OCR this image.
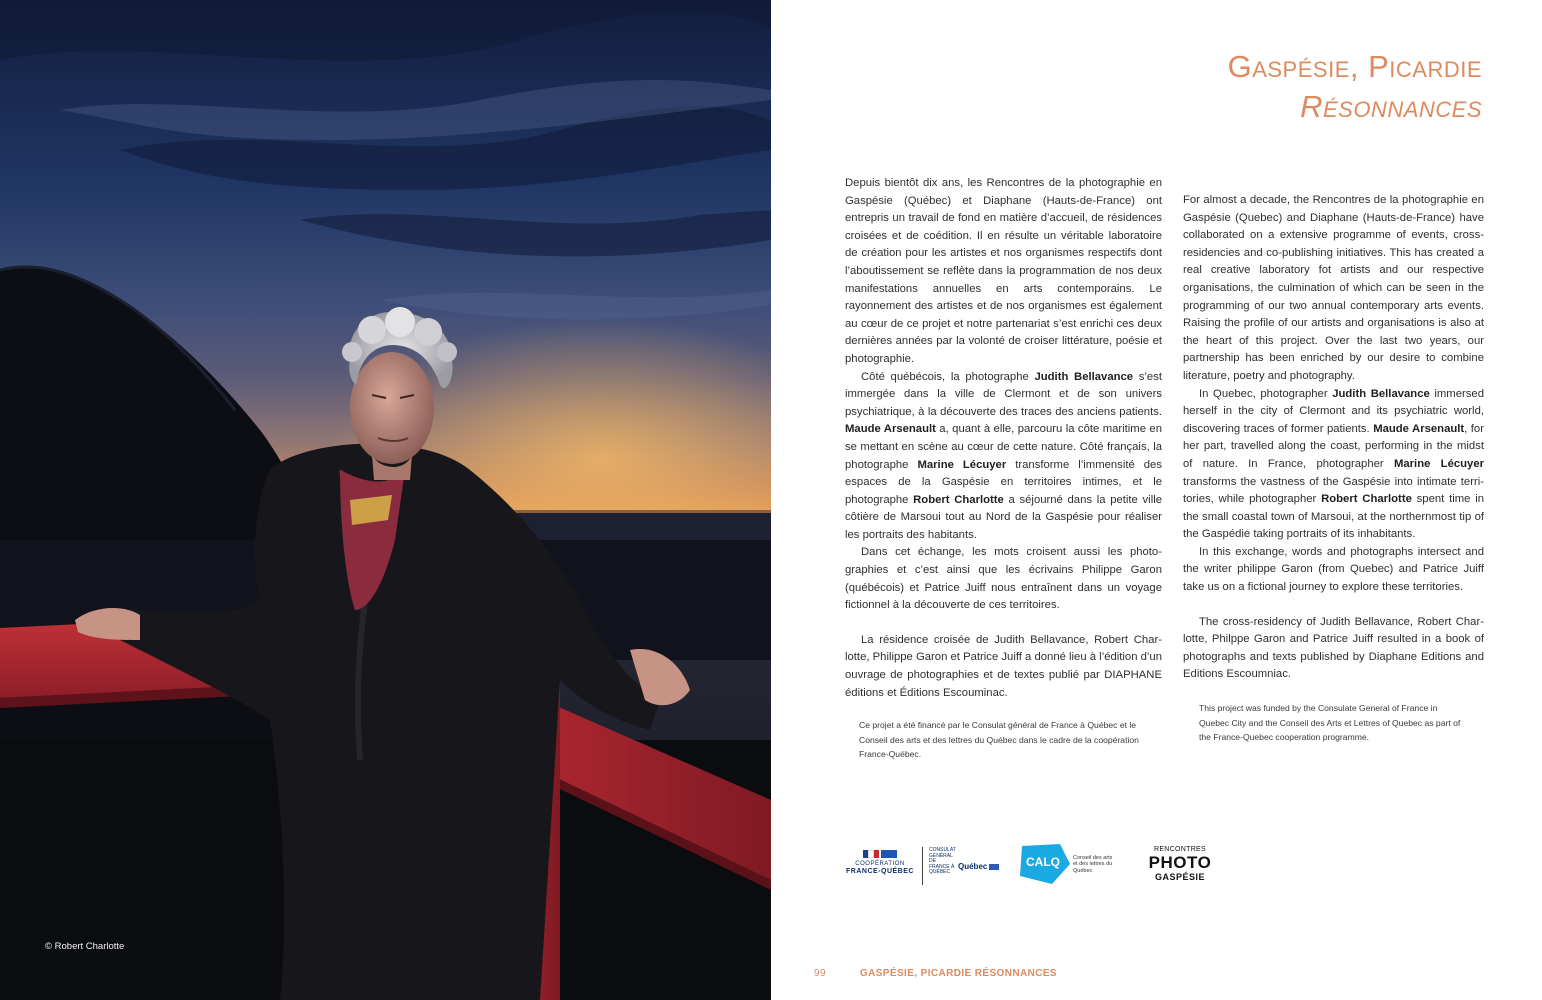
© Robert Charlotte
Gaspésie, Picardie
Résonnances

Depuis bientôt dix ans, les Rencontres de la photographie en Gaspésie (Québec) et Diaphane (Hauts-de-France) ont entrepris un travail de fond en matière d’accueil, de résidences croisées et de coédition. Il en résulte un véritable laboratoire de création pour les artistes et nos organismes respectifs dont l’aboutissement se reflète dans la programmation de nos deux manifestations annuelles en arts contemporains. Le rayonnement des artistes et de nos organismes est également au cœur de ce projet et notre partenariat s’est enrichi ces deux dernières années par la volonté de croiser littérature, poésie et photographie.

Côté québécois, la photographe Judith Bellavance s’est immergée dans la ville de Clermont et de son univers psychiatrique, à la découverte des traces des anciens patients. Maude Arsenault a, quant à elle, parcouru la côte maritime en se mettant en scène au cœur de cette nature. Côté français, la photographe Marine Lécuyer transforme l’immensité des espaces de la Gaspésie en territoires intimes, et le photographe Robert Charlotte a séjourné dans la petite ville côtière de Marsoui tout au Nord de la Gaspésie pour réaliser les portraits des habitants.

Dans cet échange, les mots croisent aussi les photographies et c’est ainsi que les écrivains Philippe Garon (québécois) et Patrice Juiff nous entraînent dans un voyage fictionnel à la découverte de ces territoires.

La résidence croisée de Judith Bellavance, Robert Charlotte, Philippe Garon et Patrice Juiff a donné lieu à l’édition d’un ouvrage de photographies et de textes publié par DIAPHANE éditions et Éditions Escouminac.

Ce projet a été financé par le Consulat général de France à Québec et le Conseil des arts et des lettres du Québec dans le cadre de la coopération France-Québec.

For almost a decade, the Rencontres de la photographie en Gaspésie (Quebec) and Diaphane (Hauts-de-France) have collaborated on a extensive programme of events, cross-residencies and co-publishing initiatives. This has created a real creative laboratory fot artists and our respective organisations, the culmination of which can be seen in the programming of our two annual contemporary arts events. Raising the profile of our artists and organisations is also at the heart of this project. Over the last two years, our partnership has been enriched by our desire to combine literature, poetry and photography.

In Quebec, photographer Judith Bellavance immersed herself in the city of Clermont and its psychiatric world, discovering traces of former patients. Maude Arsenault, for her part, travelled along the coast, performing in the midst of nature. In France, photographer Marine Lécuyer transforms the vastness of the Gaspésie into intimate territories, while photographer Robert Charlotte spent time in the small coastal town of Marsoui, at the northernmost tip of the Gaspédie taking portraits of its inhabitants.

In this exchange, words and photographs intersect and the writer philippe Garon (from Quebec) and Patrice Juiff take us on a fictional journey to explore these territories.

The cross-residency of Judith Bellavance, Robert Charlotte, Philppe Garon and Patrice Juiff resulted in a book of photographs and texts published by Diaphane Editions and Editions Escoumniac.

This project was funded by the Consulate General of France in Quebec City and the Conseil des Arts et Lettres of Quebec as part of the France-Quebec cooperation programme.
COOPÉRATION
FRANCE-QUÉBEC
CONSULAT GÉNÉRAL DE FRANCE À QUÉBEC
Québec	CALQ Conseil des arts et des lettres du Québec
RENCONTRES
PHOTO
GASPÉSIE
99	GASPÉSIE, PICARDIE RÉSONNANCES
